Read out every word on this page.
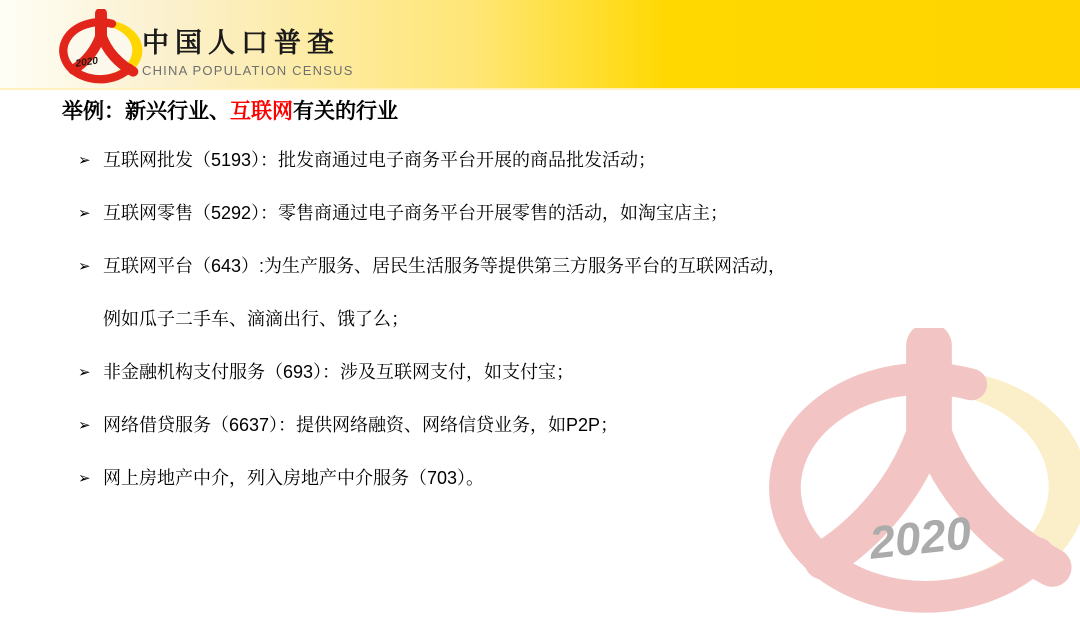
2020
中国人口普查
CHINA POPULATION CENSUS
2020
举例：新兴行业、互联网有关的行业
➢ 互联网批发（5193）：批发商通过电子商务平台开展的商品批发活动；
➢ 互联网零售（5292）：零售商通过电子商务平台开展零售的活动，如淘宝店主；
➢ 互联网平台（643）:为生产服务、居民生活服务等提供第三方服务平台的互联网活动，
例如瓜子二手车、滴滴出行、饿了么；
➢ 非金融机构支付服务（693）：涉及互联网支付，如支付宝；
➢ 网络借贷服务（6637）：提供网络融资、网络信贷业务，如P2P；
➢ 网上房地产中介，列入房地产中介服务（703）。
